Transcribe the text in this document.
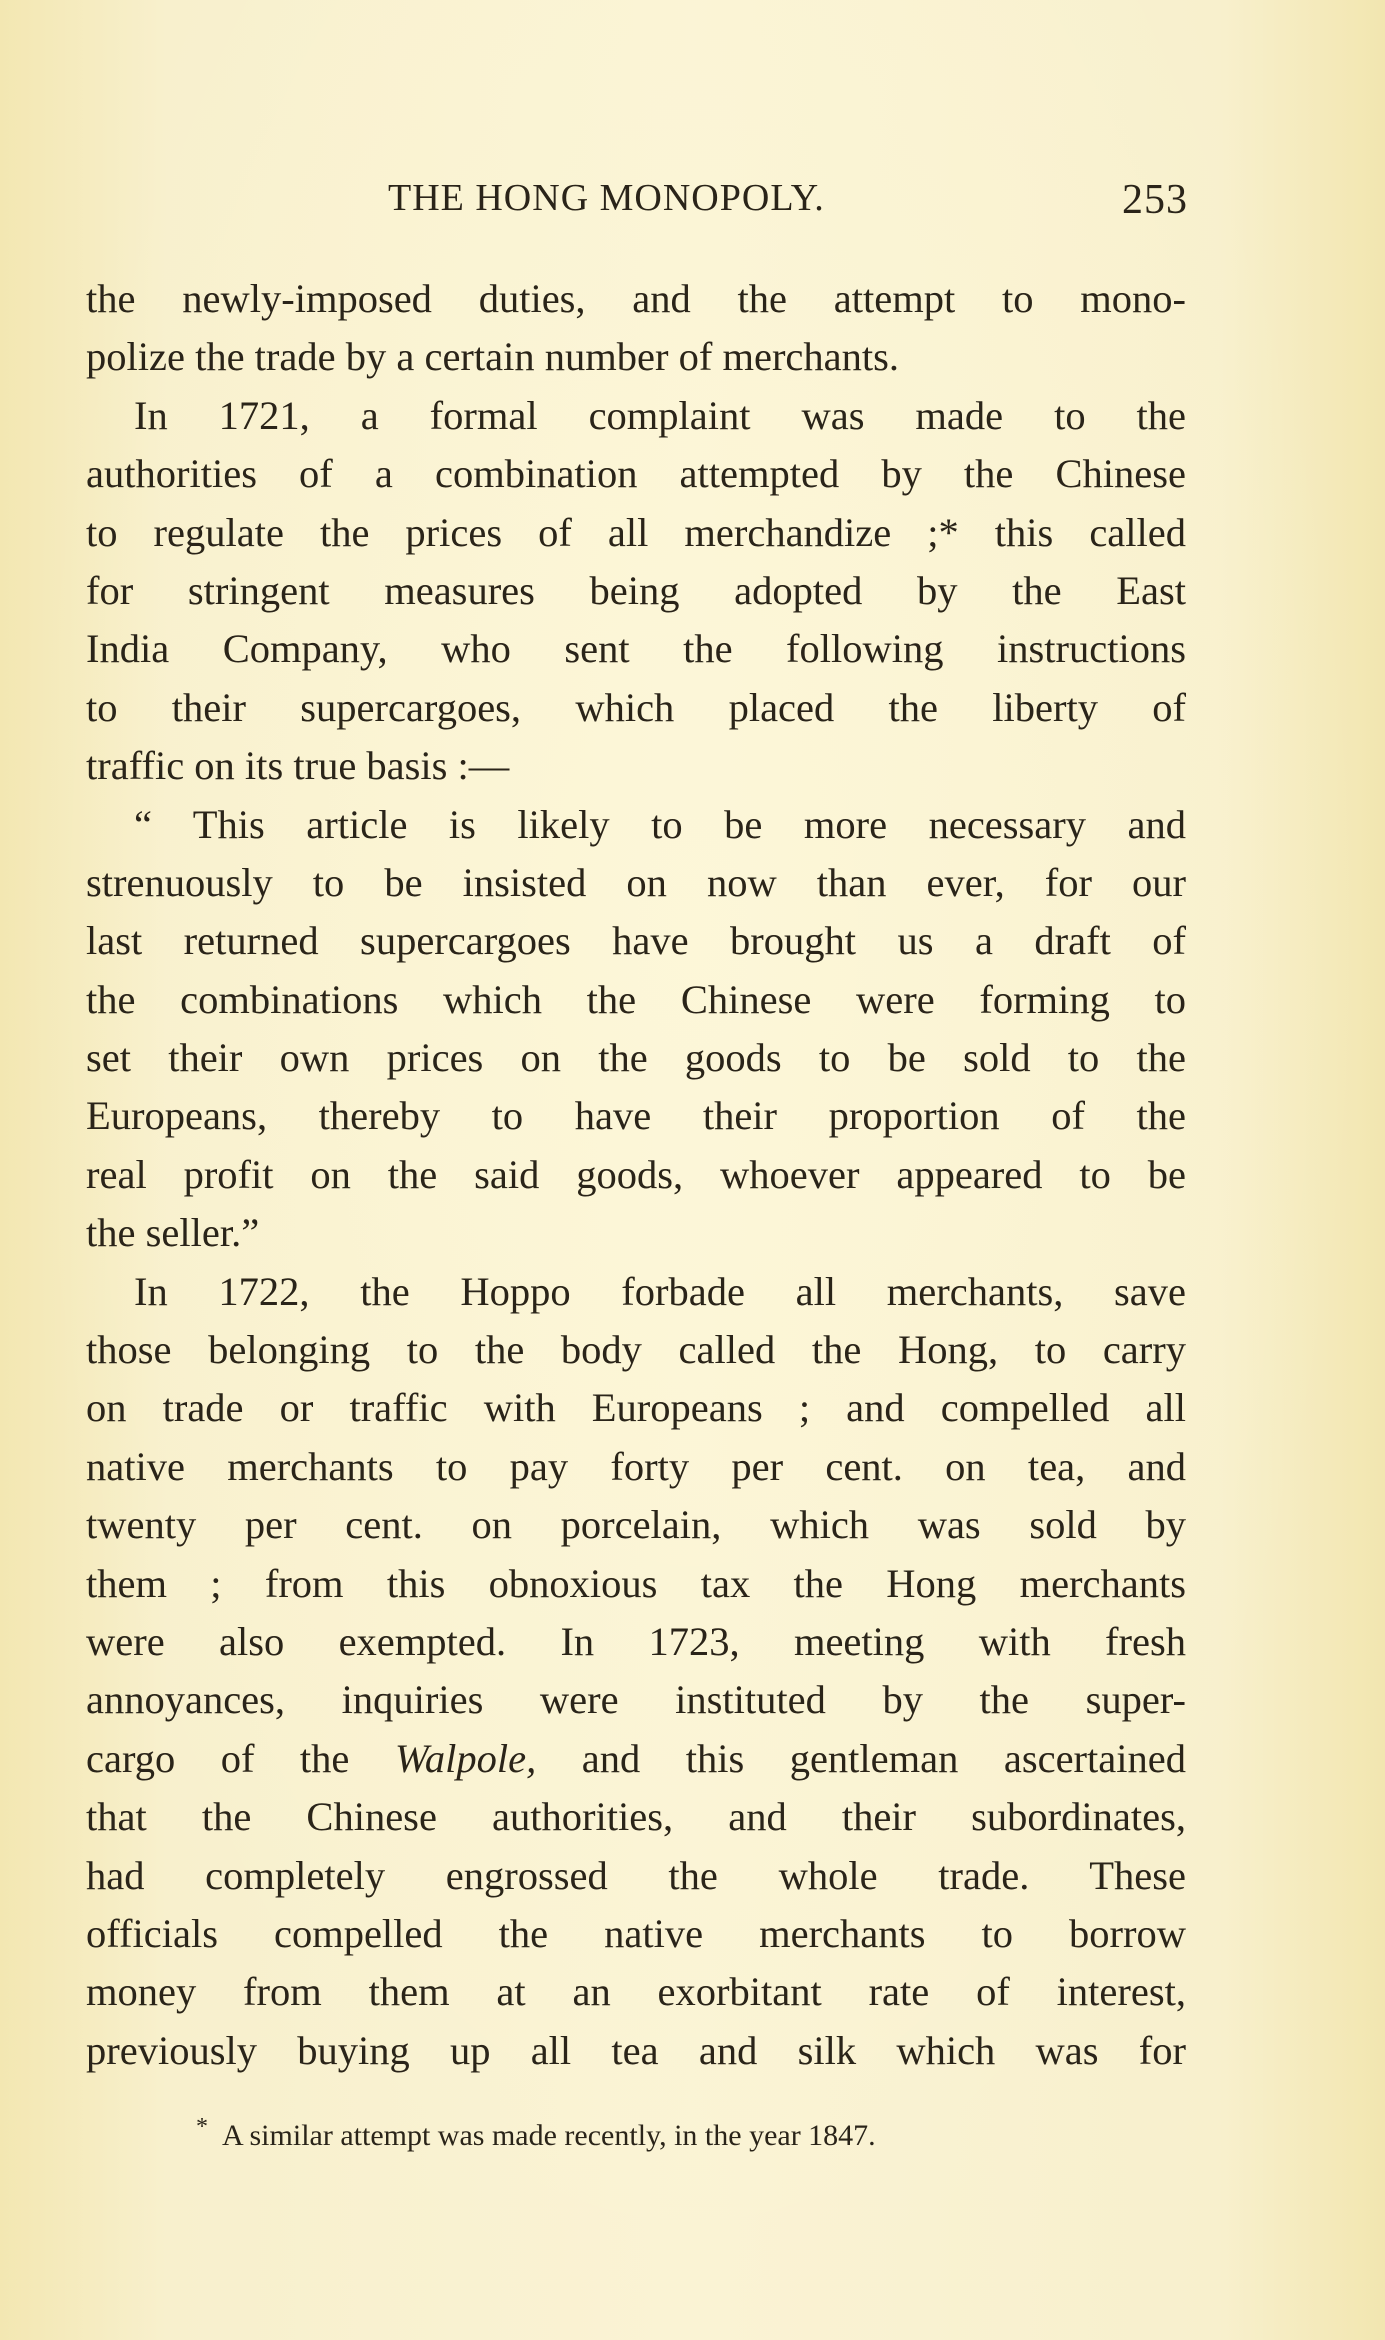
THE HONG MONOPOLY.	253
the newly-imposed duties, and the attempt to mono-
polize the trade by a certain number of merchants.
In 1721, a formal complaint was made to the
authorities of a combination attempted by the Chinese
to regulate the prices of all merchandize ;* this called
for stringent measures being adopted by the East
India Company, who sent the following instructions
to their supercargoes, which placed the liberty of
traffic on its true basis :—
“ This article is likely to be more necessary and
strenuously to be insisted on now than ever, for our
last returned supercargoes have brought us a draft of
the combinations which the Chinese were forming to
set their own prices on the goods to be sold to the
Europeans, thereby to have their proportion of the
real profit on the said goods, whoever appeared to be
the seller.”
In 1722, the Hoppo forbade all merchants, save
those belonging to the body called the Hong, to carry
on trade or traffic with Europeans ; and compelled all
native merchants to pay forty per cent. on tea, and
twenty per cent. on porcelain, which was sold by
them ; from this obnoxious tax the Hong merchants
were also exempted. In 1723, meeting with fresh
annoyances, inquiries were instituted by the super-
cargo of the Walpole, and this gentleman ascertained
that the Chinese authorities, and their subordinates,
had completely engrossed the whole trade. These
officials compelled the native merchants to borrow
money from them at an exorbitant rate of interest,
previously buying up all tea and silk which was for
* A similar attempt was made recently, in the year 1847.
